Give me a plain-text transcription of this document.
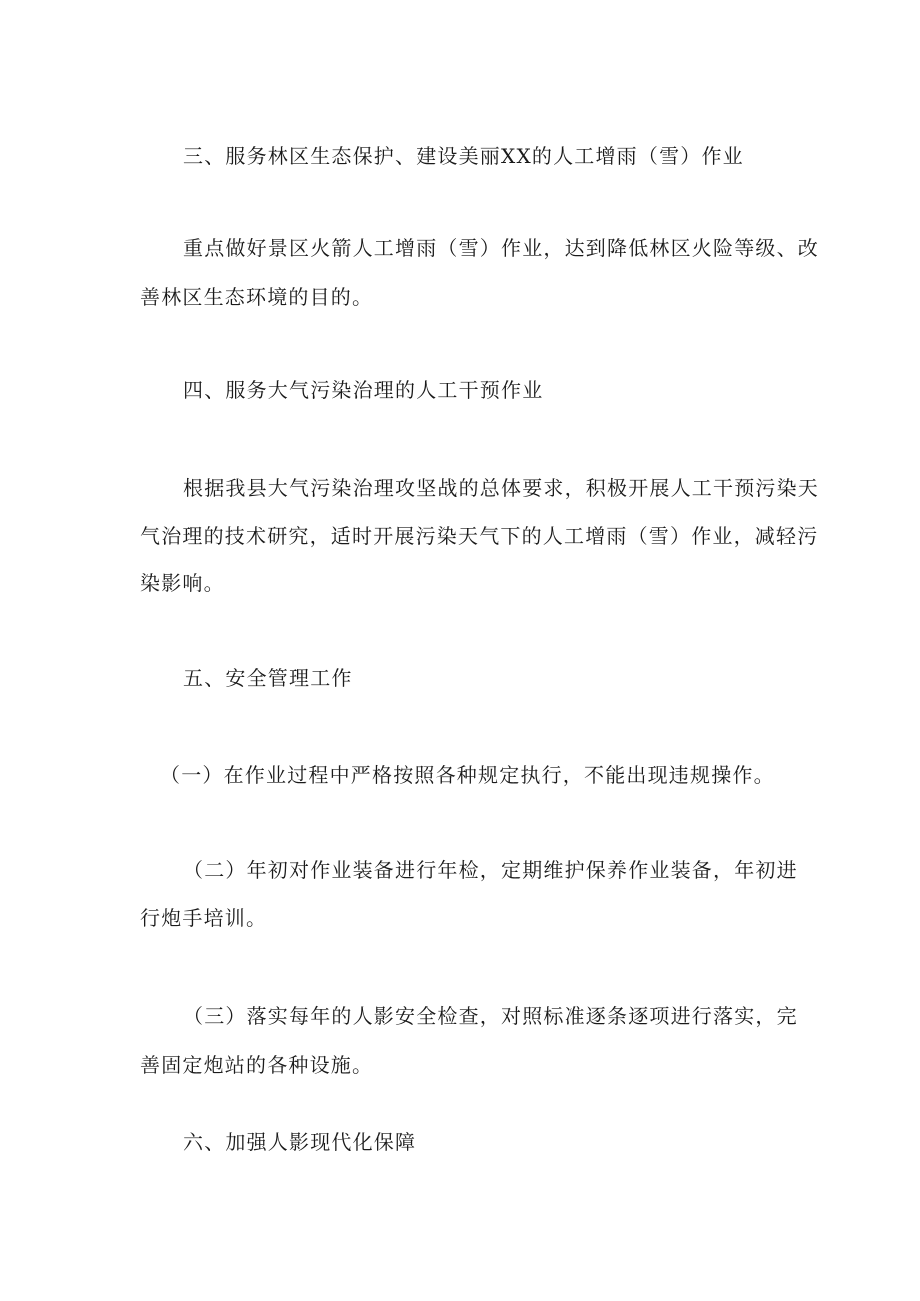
三、服务林区生态保护、建设美丽XX的人工增雨（雪）作业
重点做好景区火箭人工增雨（雪）作业，达到降低林区火险等级、改
善林区生态环境的目的。
四、服务大气污染治理的人工干预作业
根据我县大气污染治理攻坚战的总体要求，积极开展人工干预污染天
气治理的技术研究，适时开展污染天气下的人工增雨（雪）作业，减轻污
染影响。
五、安全管理工作
（一）在作业过程中严格按照各种规定执行，不能出现违规操作。
（二）年初对作业装备进行年检，定期维护保养作业装备，年初进
行炮手培训。
（三）落实每年的人影安全检查，对照标准逐条逐项进行落实，完
善固定炮站的各种设施。
六、加强人影现代化保障
